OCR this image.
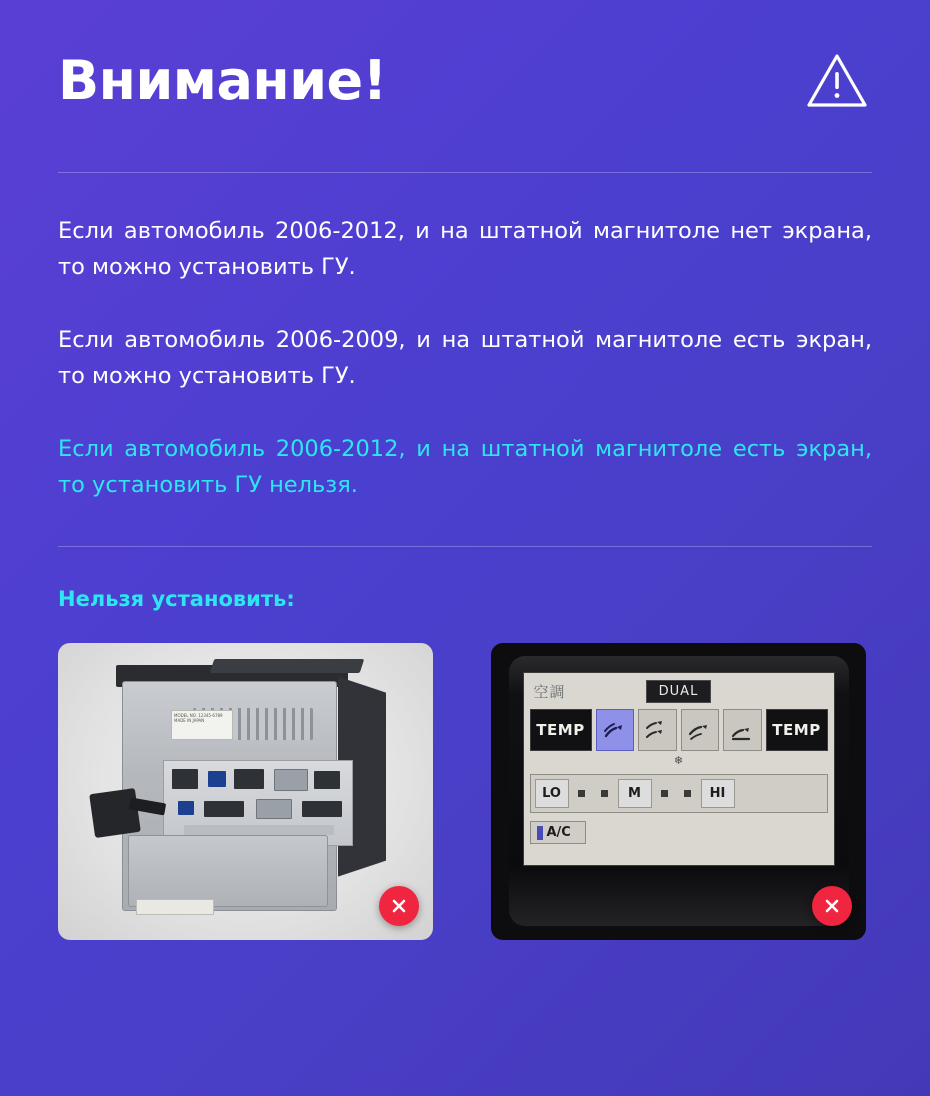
Внимание!

Если автомобиль 2006-2012, и на штатной магнитоле нет экрана, то можно установить ГУ.

Если автомобиль 2006-2009, и на штатной магнитоле есть экран, то можно установить ГУ.

Если автомобиль 2006-2012, и на штатной магнитоле есть экран, то установить ГУ нельзя.

Нельзя установить:
MODEL NO. 12345-6789 MADE IN JAPAN
空調	DUAL
TEMP	TEMP
❄
LO	M	HI
A/C
